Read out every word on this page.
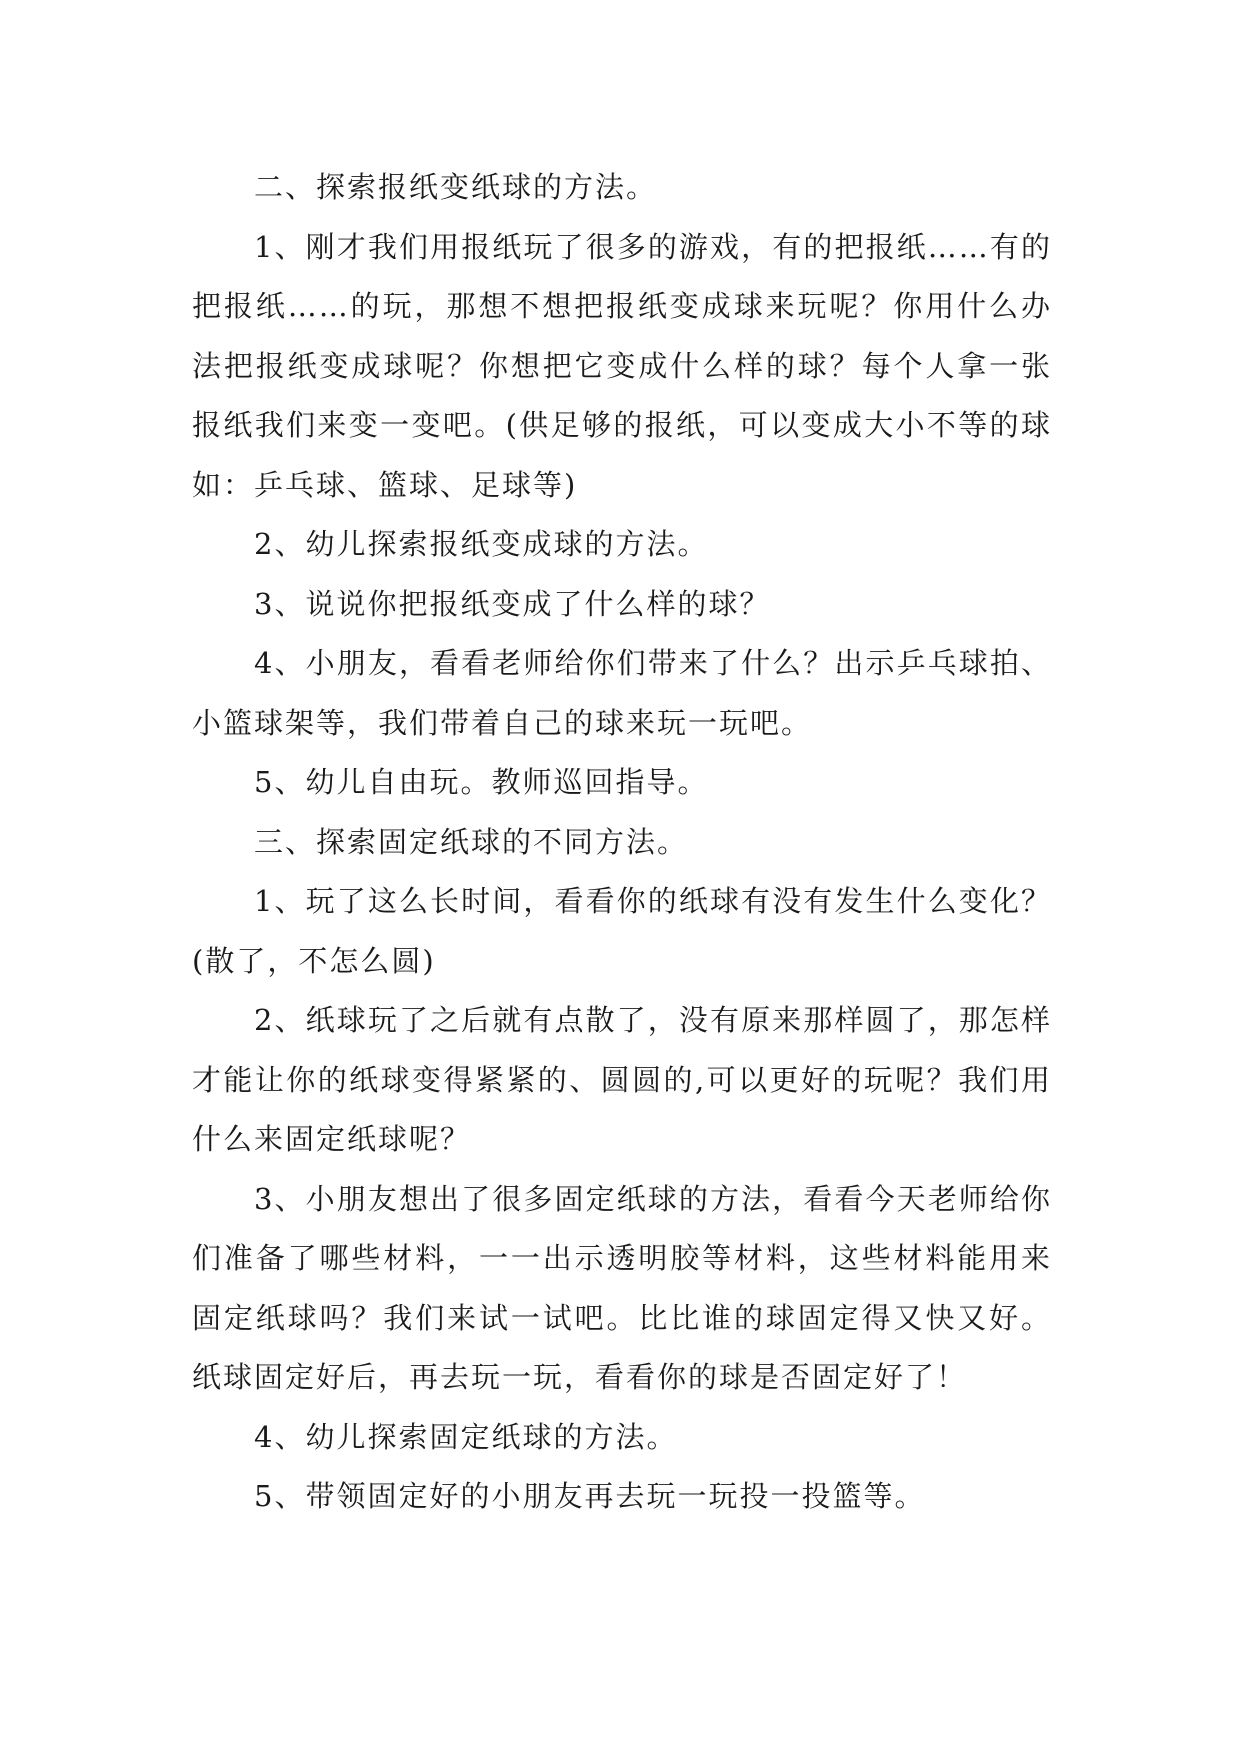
二、探索报纸变纸球的方法。

1、刚才我们用报纸玩了很多的游戏，有的把报纸……有的把报纸……的玩，那想不想把报纸变成球来玩呢？你用什么办法把报纸变成球呢？你想把它变成什么样的球？每个人拿一张报纸我们来变一变吧。(供足够的报纸，可以变成大小不等的球如：乒乓球、篮球、足球等)

2、幼儿探索报纸变成球的方法。

3、说说你把报纸变成了什么样的球？

4、小朋友，看看老师给你们带来了什么？出示乒乓球拍、小篮球架等，我们带着自己的球来玩一玩吧。

5、幼儿自由玩。教师巡回指导。

三、探索固定纸球的不同方法。

1、玩了这么长时间，看看你的纸球有没有发生什么变化？(散了，不怎么圆)

2、纸球玩了之后就有点散了，没有原来那样圆了，那怎样才能让你的纸球变得紧紧的、圆圆的,可以更好的玩呢？我们用什么来固定纸球呢？

3、小朋友想出了很多固定纸球的方法，看看今天老师给你们准备了哪些材料，一一出示透明胶等材料，这些材料能用来固定纸球吗？我们来试一试吧。比比谁的球固定得又快又好。纸球固定好后，再去玩一玩，看看你的球是否固定好了！

4、幼儿探索固定纸球的方法。

5、带领固定好的小朋友再去玩一玩投一投篮等。
